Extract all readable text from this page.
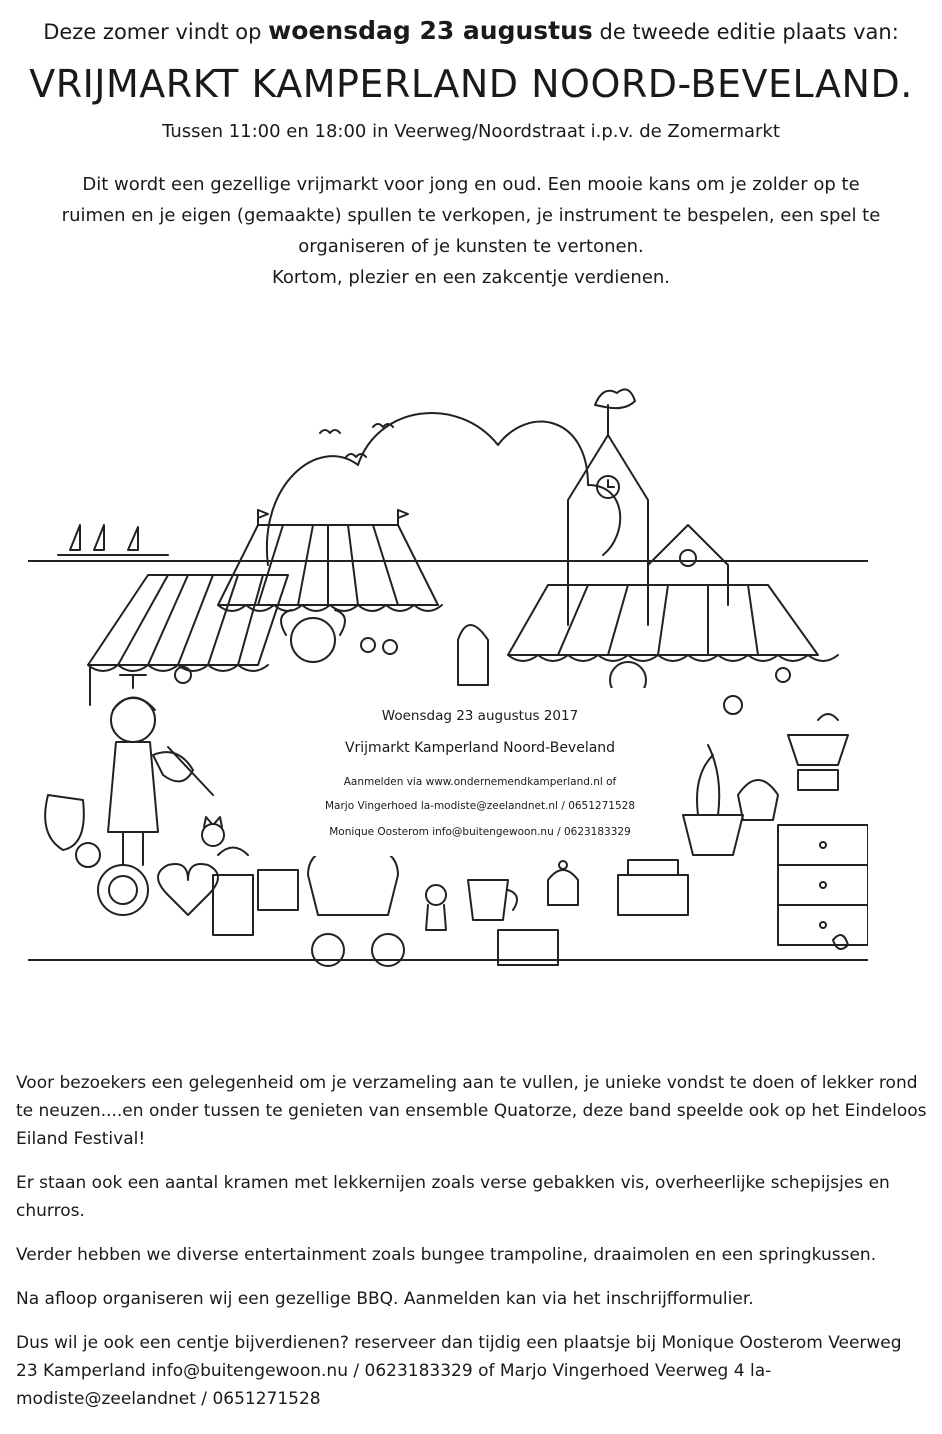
Deze zomer vindt op woensdag 23 augustus de tweede editie plaats van:
VRIJMARKT KAMPERLAND NOORD-BEVELAND.
Tussen 11:00 en 18:00 in Veerweg/Noordstraat i.p.v. de Zomermarkt
Dit wordt een gezellige vrijmarkt voor jong en oud. Een mooie kans om je zolder op te
ruimen en je eigen (gemaakte) spullen te verkopen, je instrument te bespelen, een spel te
organiseren of je kunsten te vertonen.
Kortom, plezier en een zakcentje verdienen.
Woensdag 23 augustus 2017
Vrijmarkt Kamperland Noord-Beveland
Aanmelden via www.ondernemendkamperland.nl of
Marjo Vingerhoed la-modiste@zeelandnet.nl / 0651271528
Monique Oosterom info@buitengewoon.nu / 0623183329

Voor bezoekers een gelegenheid om je verzameling aan te vullen, je unieke vondst te doen of lekker rond te neuzen....en onder tussen te genieten van ensemble Quatorze, deze band speelde ook op het Eindeloos Eiland Festival!

Er staan ook een aantal kramen met lekkernijen zoals verse gebakken vis, overheerlijke schepijsjes en churros.

Verder hebben we diverse entertainment zoals bungee trampoline, draaimolen en een springkussen.

Na afloop organiseren wij een gezellige BBQ. Aanmelden kan via het inschrijfformulier.

Dus wil je ook een centje bijverdienen? reserveer dan tijdig een plaatsje bij Monique Oosterom Veerweg 23 Kamperland info@buitengewoon.nu / 0623183329 of Marjo Vingerhoed Veerweg 4 la-modiste@zeelandnet / 0651271528
